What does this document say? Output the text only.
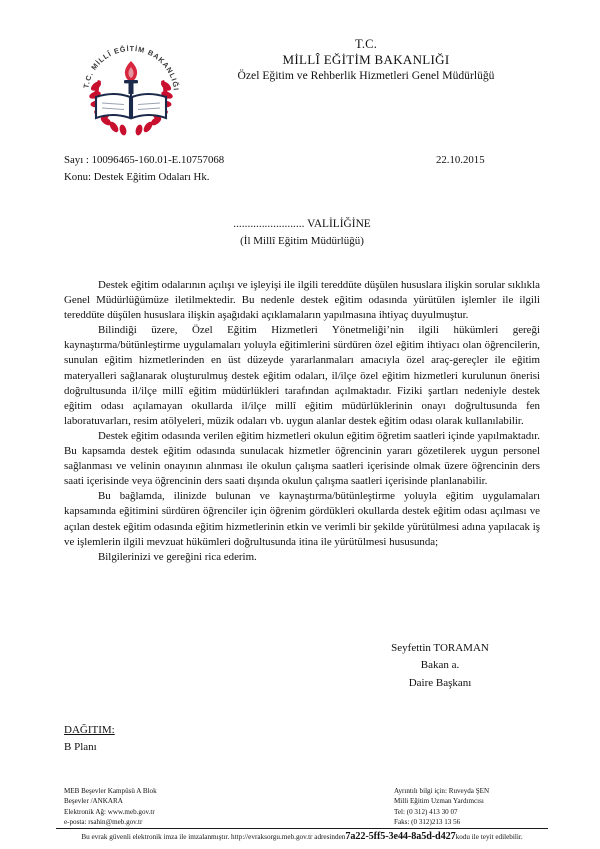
T.C. MİLLÎ EĞİTİM BAKANLIĞI
T.C.
MİLLÎ EĞİTİM BAKANLIĞI
Özel Eğitim ve Rehberlik Hizmetleri Genel Müdürlüğü
Sayı : 10096465-160.01-E.10757068	22.10.2015
Konu: Destek Eğitim Odaları Hk.
......................... VALİLİĞİNE
(İl Millî Eğitim Müdürlüğü)

Destek eğitim odalarının açılışı ve işleyişi ile ilgili tereddüte düşülen hususlara ilişkin sorular sıklıkla Genel Müdürlüğümüze iletilmektedir. Bu nedenle destek eğitim odasında yürütülen işlemler ile ilgili tereddüte düşülen hususlara ilişkin aşağıdaki açıklamaların yapılmasına ihtiyaç duyulmuştur.

Bilindiği üzere, Özel Eğitim Hizmetleri Yönetmeliği’nin ilgili hükümleri gereği kaynaştırma/bütünleştirme uygulamaları yoluyla eğitimlerini sürdüren özel eğitim ihtiyacı olan öğrencilerin, sunulan eğitim hizmetlerinden en üst düzeyde yararlanmaları amacıyla özel araç-gereçler ile eğitim materyalleri sağlanarak oluşturulmuş destek eğitim odaları, il/ilçe özel eğitim hizmetleri kurulunun önerisi doğrultusunda il/ilçe millî eğitim müdürlükleri tarafından açılmaktadır. Fiziki şartları nedeniyle destek eğitim odası açılamayan okullarda il/ilçe millî eğitim müdürlüklerinin onayı doğrultusunda fen laboratuvarları, resim atölyeleri, müzik odaları vb. uygun alanlar destek eğitim odası olarak kullanılabilir.

Destek eğitim odasında verilen eğitim hizmetleri okulun eğitim öğretim saatleri içinde yapılmaktadır. Bu kapsamda destek eğitim odasında sunulacak hizmetler öğrencinin yararı gözetilerek uygun personel sağlanması ve velinin onayının alınması ile okulun çalışma saatleri içerisinde olmak üzere öğrencinin ders saati içerisinde veya öğrencinin ders saati dışında okulun çalışma saatleri içerisinde planlanabilir.

Bu bağlamda, ilinizde bulunan ve kaynaştırma/bütünleştirme yoluyla eğitim uygulamaları kapsamında eğitimini sürdüren öğrenciler için öğrenim gördükleri okullarda destek eğitim odası açılması ve açılan destek eğitim odasında eğitim hizmetlerinin etkin ve verimli bir şekilde yürütülmesi adına yapılacak iş ve işlemlerin ilgili mevzuat hükümleri doğrultusunda itina ile yürütülmesi hususunda;

Bilgilerinizi ve gereğini rica ederim.

Seyfettin TORAMAN
Bakan a.
Daire Başkanı
DAĞITIM:
B Planı
MEB Beşevler Kampüsü A Blok
Beşevler /ANKARA
Elektronik Ağ: www.meb.gov.tr
e-posta: rsahin@meb.gov.tr
Ayrıntılı bilgi için: Ruveyda ŞEN
Milli Eğitim Uzman Yardımcısı
Tel: (0 312) 413 30 07
Faks: (0 312)213 13 56
Bu evrak güvenli elektronik imza ile imzalanmıştır. http://evraksorgu.meb.gov.tr adresinden7a22-5ff5-3e44-8a5d-d427kodu ile teyit edilebilir.
